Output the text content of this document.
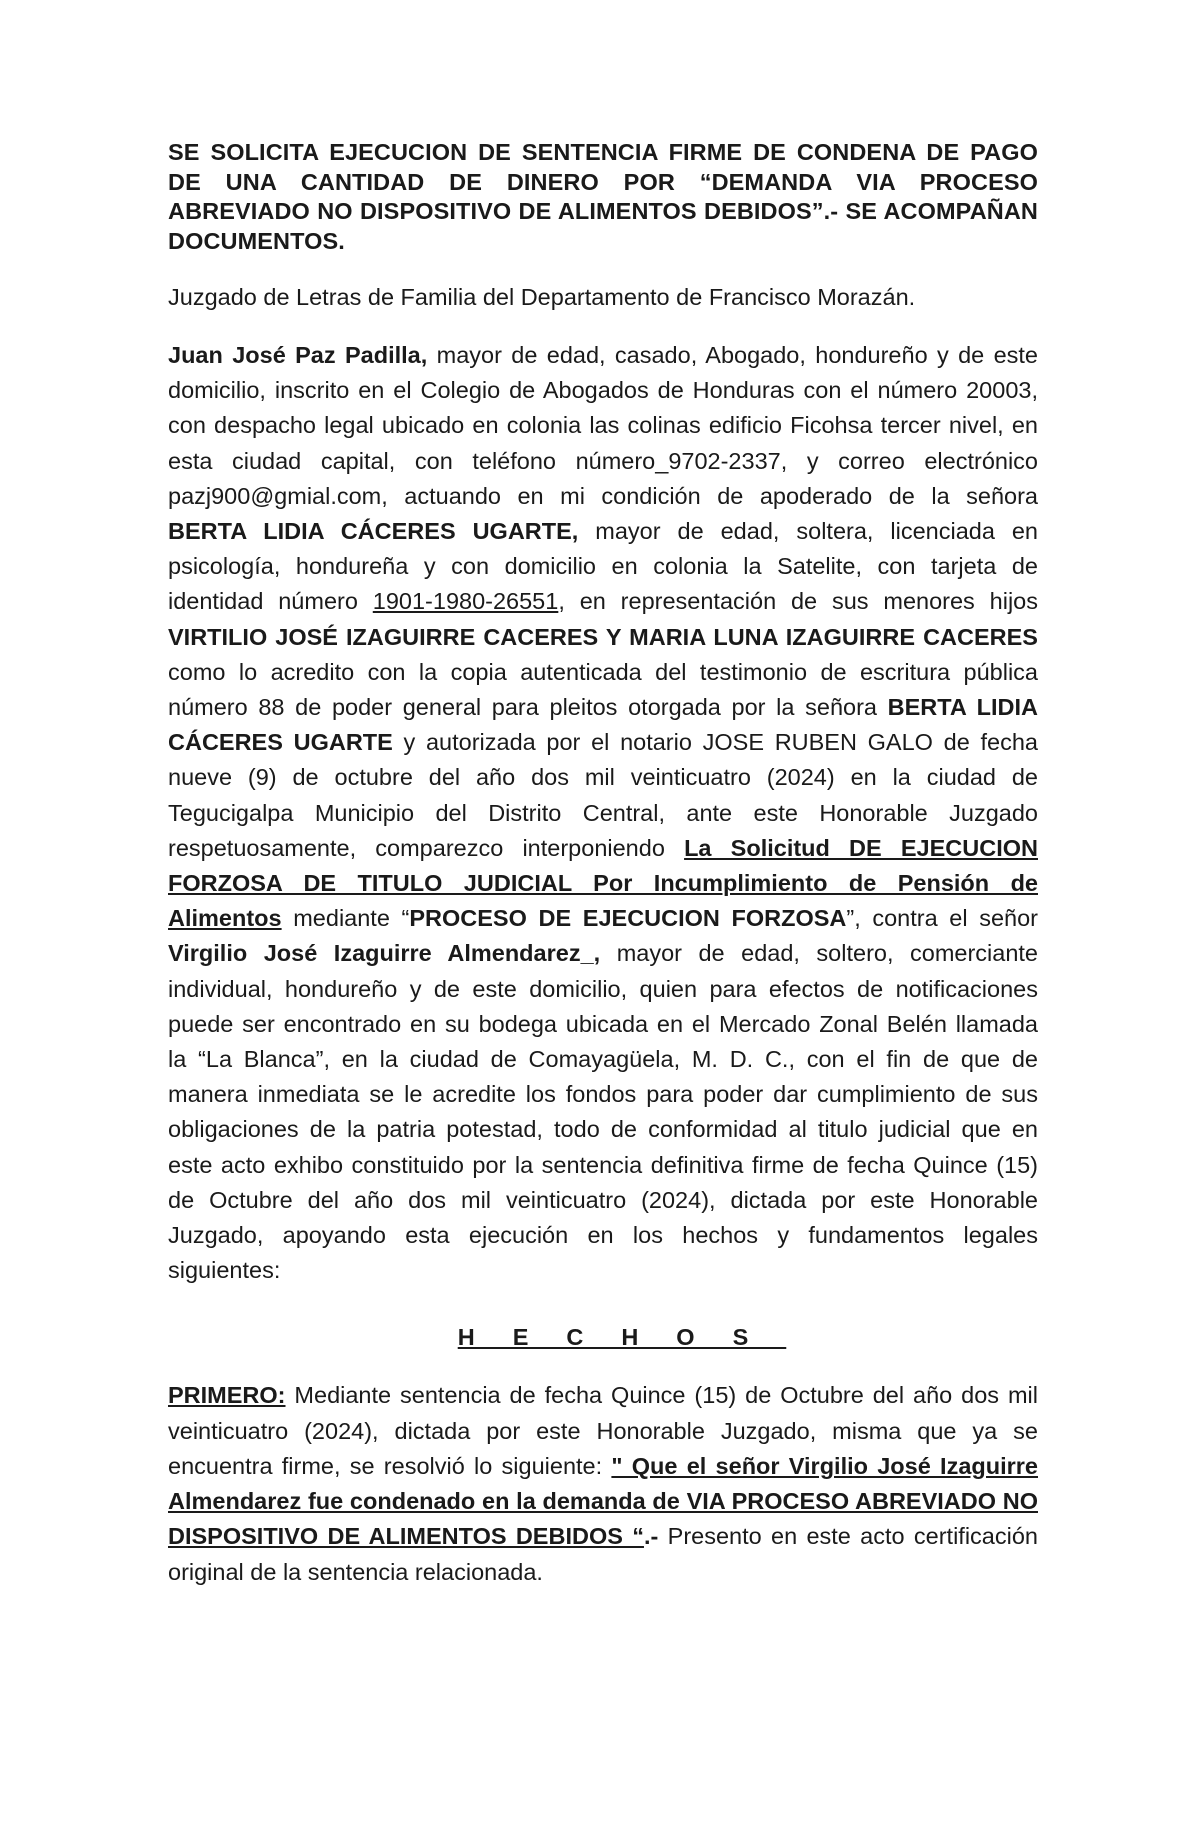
SE SOLICITA EJECUCION DE SENTENCIA FIRME DE CONDENA DE PAGO DE UNA CANTIDAD DE DINERO POR “DEMANDA VIA PROCESO ABREVIADO NO DISPOSITIVO DE ALIMENTOS DEBIDOS”.- SE ACOMPAÑAN DOCUMENTOS.

Juzgado de Letras de Familia del Departamento de Francisco Morazán.

Juan José Paz Padilla, mayor de edad, casado, Abogado, hondureño y de este domicilio, inscrito en el Colegio de Abogados de Honduras con el número 20003, con despacho legal ubicado en colonia las colinas edificio Ficohsa tercer nivel, en esta ciudad capital, con teléfono número_9702-2337, y correo electrónico pazj900@gmial.com, actuando en mi condición de apoderado de la señora BERTA LIDIA CÁCERES UGARTE, mayor de edad, soltera, licenciada en psicología, hondureña y con domicilio en colonia la Satelite, con tarjeta de identidad número 1901-1980-26551, en representación de sus menores hijos VIRTILIO JOSÉ IZAGUIRRE CACERES Y MARIA LUNA IZAGUIRRE CACERES como lo acredito con la copia autenticada del testimonio de escritura pública número 88 de poder general para pleitos otorgada por la señora BERTA LIDIA CÁCERES UGARTE y autorizada por el notario JOSE RUBEN GALO de fecha nueve (9) de octubre del año dos mil veinticuatro (2024) en la ciudad de Tegucigalpa Municipio del Distrito Central, ante este Honorable Juzgado respetuosamente, comparezco interponiendo La Solicitud DE EJECUCION FORZOSA DE TITULO JUDICIAL Por Incumplimiento de Pensión de Alimentos mediante “PROCESO DE EJECUCION FORZOSA”, contra el señor Virgilio José Izaguirre Almendarez_, mayor de edad, soltero, comerciante individual, hondureño y de este domicilio, quien para efectos de notificaciones puede ser encontrado en su bodega ubicada en el Mercado Zonal Belén llamada la “La Blanca”, en la ciudad de Comayagüela, M. D. C., con el fin de que de manera inmediata se le acredite los fondos para poder dar cumplimiento de sus obligaciones de la patria potestad, todo de conformidad al titulo judicial que en este acto exhibo constituido por la sentencia definitiva firme de fecha Quince (15) de Octubre del año dos mil veinticuatro (2024), dictada por este Honorable Juzgado, apoyando esta ejecución en los hechos y fundamentos legales siguientes:

HECHOS

PRIMERO: Mediante sentencia de fecha Quince (15) de Octubre del año dos mil veinticuatro (2024), dictada por este Honorable Juzgado, misma que ya se encuentra firme, se resolvió lo siguiente: " Que el señor Virgilio José Izaguirre Almendarez fue condenado en la demanda de VIA PROCESO ABREVIADO NO DISPOSITIVO DE ALIMENTOS DEBIDOS “.- Presento en este acto certificación original de la sentencia relacionada.
